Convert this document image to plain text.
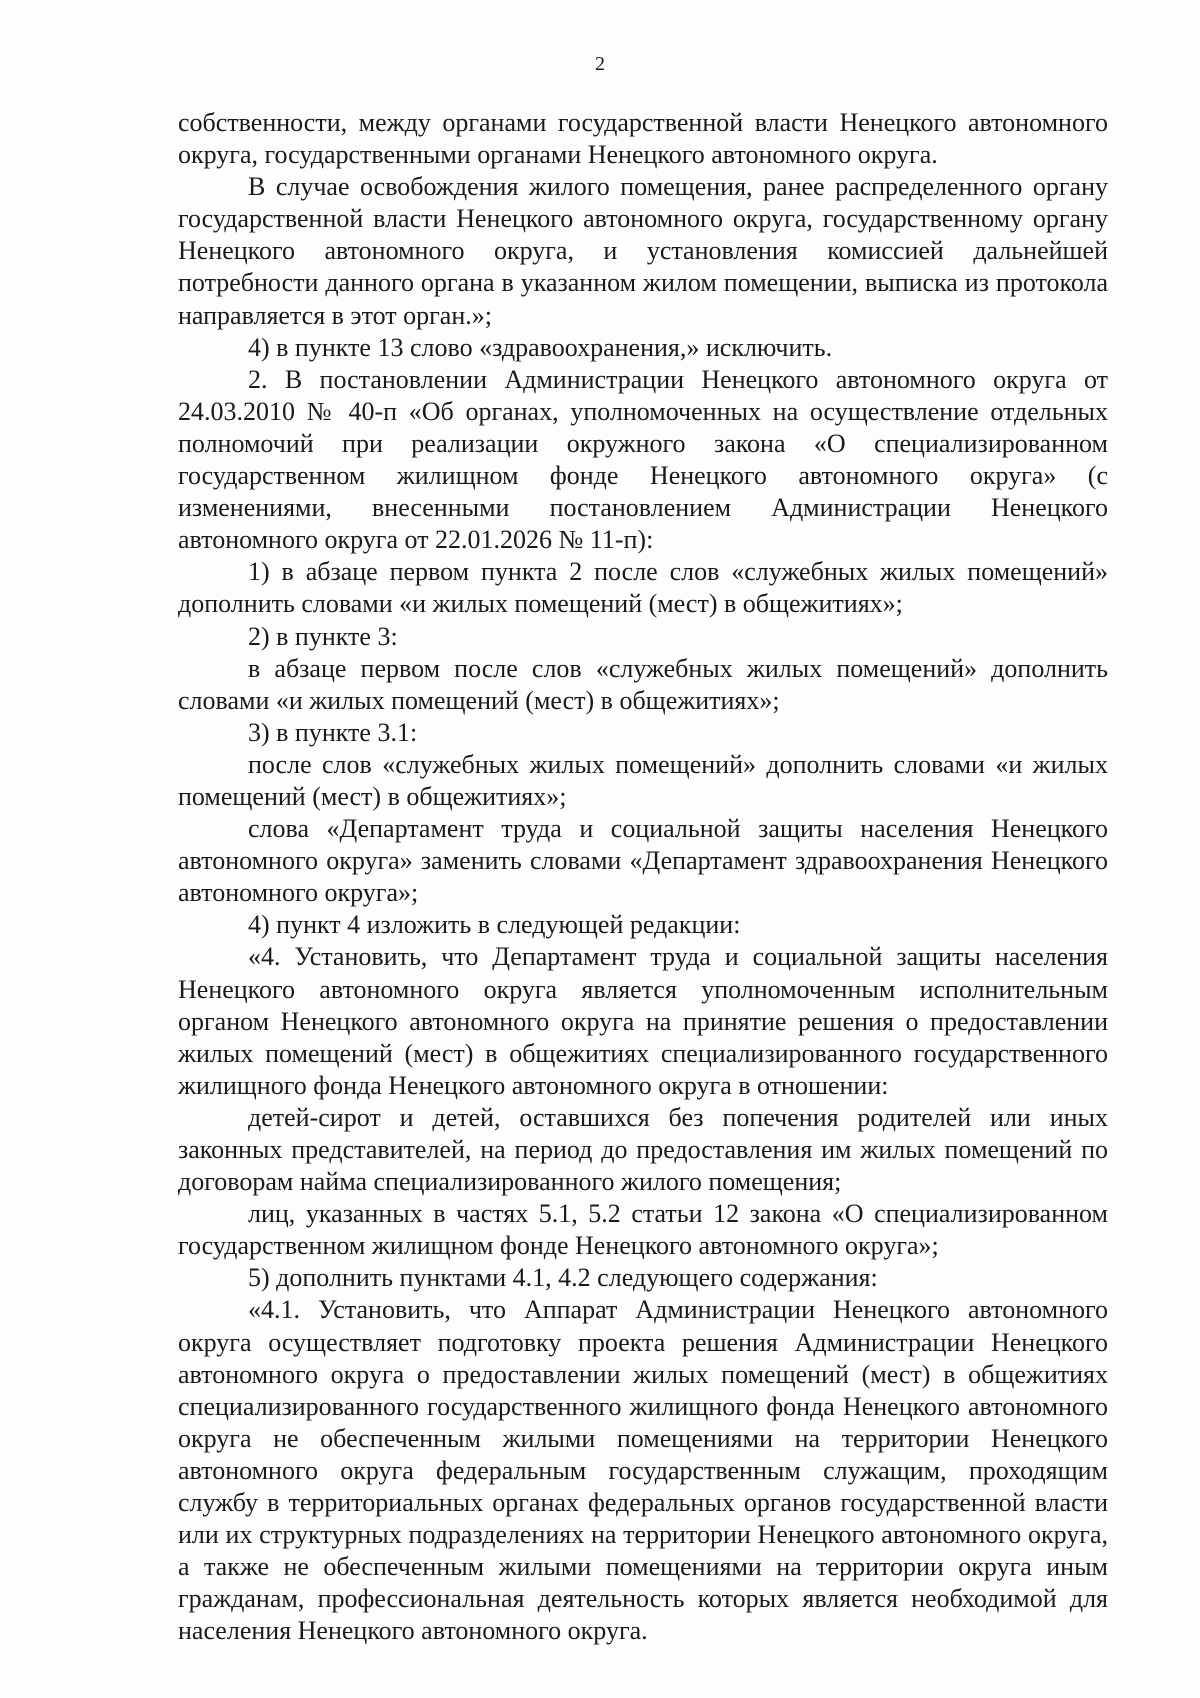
2

собственности, между органами государственной власти Ненецкого автономного округа, государственными органами Ненецкого автономного округа.

В случае освобождения жилого помещения, ранее распределенного органу государственной власти Ненецкого автономного округа, государственному органу Ненецкого автономного округа, и установления комиссией дальнейшей потребности данного органа в указанном жилом помещении, выписка из протокола направляется в этот орган.»;

4) в пункте 13 слово «здравоохранения,» исключить.

2. В постановлении Администрации Ненецкого автономного округа от 24.03.2010 № 40-п «Об органах, уполномоченных на осуществление отдельных полномочий при реализации окружного закона «О специализированном государственном жилищном фонде Ненецкого автономного округа» (с изменениями, внесенными постановлением Администрации Ненецкого автономного округа от 22.01.2026 № 11-п):

1) в абзаце первом пункта 2 после слов «служебных жилых помещений» дополнить словами «и жилых помещений (мест) в общежитиях»;

2) в пункте 3:

в абзаце первом после слов «служебных жилых помещений» дополнить словами «и жилых помещений (мест) в общежитиях»;

3) в пункте 3.1:

после слов «служебных жилых помещений» дополнить словами «и жилых помещений (мест) в общежитиях»;

слова «Департамент труда и социальной защиты населения Ненецкого автономного округа» заменить словами «Департамент здравоохранения Ненецкого автономного округа»;

4) пункт 4 изложить в следующей редакции:

«4. Установить, что Департамент труда и социальной защиты населения Ненецкого автономного округа является уполномоченным исполнительным органом Ненецкого автономного округа на принятие решения о предоставлении жилых помещений (мест) в общежитиях специализированного государственного жилищного фонда Ненецкого автономного округа в отношении:

детей-сирот и детей, оставшихся без попечения родителей или иных законных представителей, на период до предоставления им жилых помещений по договорам найма специализированного жилого помещения;

лиц, указанных в частях 5.1, 5.2 статьи 12 закона «О специализированном государственном жилищном фонде Ненецкого автономного округа»;

5) дополнить пунктами 4.1, 4.2 следующего содержания:

«4.1. Установить, что Аппарат Администрации Ненецкого автономного округа осуществляет подготовку проекта решения Администрации Ненецкого автономного округа о предоставлении жилых помещений (мест) в общежитиях специализированного государственного жилищного фонда Ненецкого автономного округа не обеспеченным жилыми помещениями на территории Ненецкого автономного округа федеральным государственным служащим, проходящим службу в территориальных органах федеральных органов государственной власти или их структурных подразделениях на территории Ненецкого автономного округа, а также не обеспеченным жилыми помещениями на территории округа иным гражданам, профессиональная деятельность которых является необходимой для населения Ненецкого автономного округа.
